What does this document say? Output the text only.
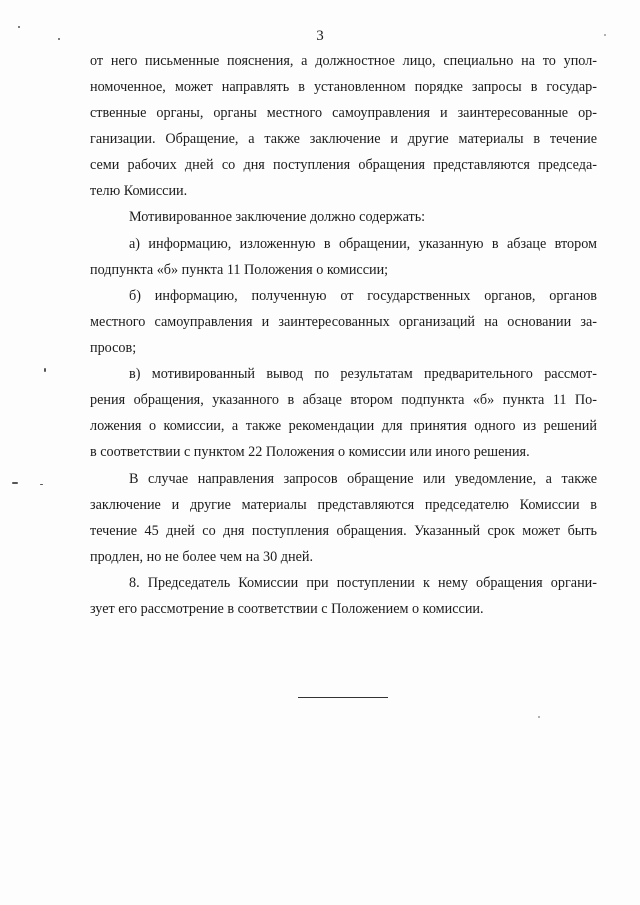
3
от него письменные пояснения, а должностное лицо, специально на то упол-
номоченное, может направлять в установленном порядке запросы в государ-
ственные органы, органы местного самоуправления и заинтересованные ор-
ганизации. Обращение, а также заключение и другие материалы в течение
семи рабочих дней со дня поступления обращения представляются председа-
телю Комиссии.
Мотивированное заключение должно содержать:
а) информацию, изложенную в обращении, указанную в абзаце втором
подпункта «б» пункта 11 Положения о комиссии;
б) информацию, полученную от государственных органов, органов
местного самоуправления и заинтересованных организаций на основании за-
просов;
в) мотивированный вывод по результатам предварительного рассмот-
рения обращения, указанного в абзаце втором подпункта «б» пункта 11 По-
ложения о комиссии, а также рекомендации для принятия одного из решений
в соответствии с пунктом 22 Положения о комиссии или иного решения.
В случае направления запросов обращение или уведомление, а также
заключение и другие материалы представляются председателю Комиссии в
течение 45 дней со дня поступления обращения. Указанный срок может быть
продлен, но не более чем на 30 дней.
8. Председатель Комиссии при поступлении к нему обращения органи-
зует его рассмотрение в соответствии с Положением о комиссии.
